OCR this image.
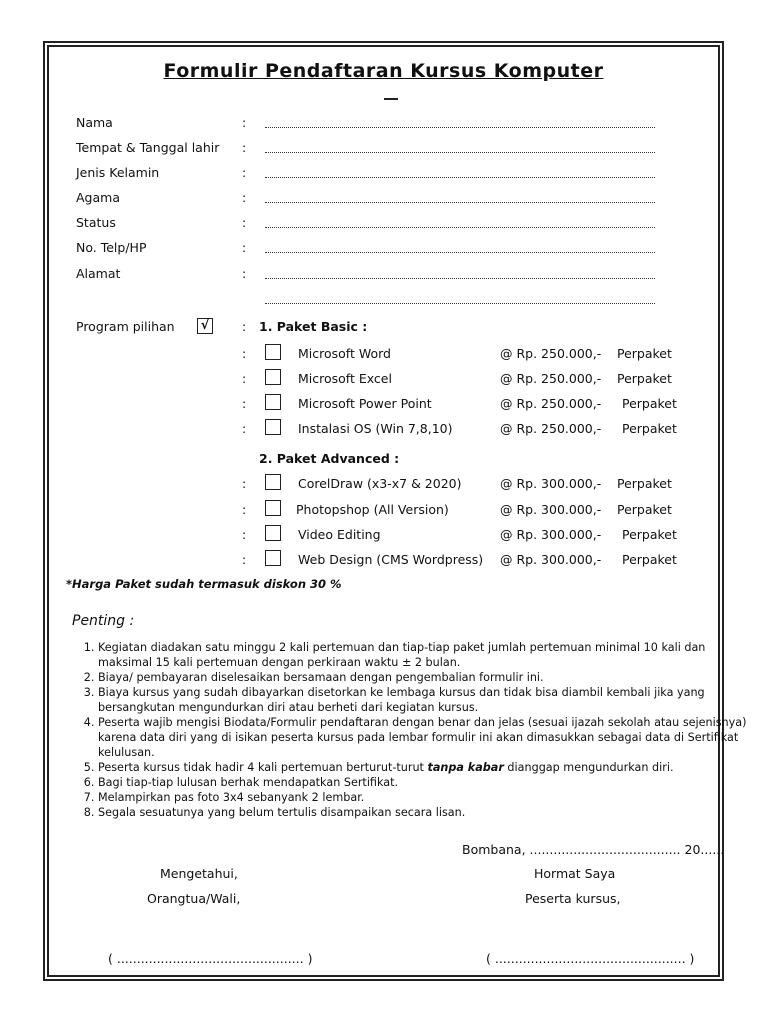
Formulir Pendaftaran Kursus Komputer
Nama	:
Tempat & Tanggal lahir :
Jenis Kelamin	:
Agama	:
Status	:
No. Telp/HP	:
Alamat	:
Program pilihan √	: 1. Paket Basic :
:	Microsoft Word	@ Rp. 250.000,- Perpaket
:	Microsoft Excel	@ Rp. 250.000,- Perpaket
:	Microsoft Power Point	@ Rp. 250.000,- Perpaket
:	Instalasi OS (Win 7,8,10)	@ Rp. 250.000,- Perpaket
2. Paket Advanced :
:	CorelDraw (x3-x7 & 2020)	@ Rp. 300.000,- Perpaket
:	Photopshop (All Version)	@ Rp. 300.000,- Perpaket
:	Video Editing	@ Rp. 300.000,- Perpaket
:	Web Design (CMS Wordpress) @ Rp. 300.000,- Perpaket
*Harga Paket sudah termasuk diskon 30 %
Penting :
1. Kegiatan diadakan satu minggu 2 kali pertemuan dan tiap-tiap paket jumlah pertemuan minimal 10 kali dan maksimal 15 kali pertemuan dengan perkiraan waktu ± 2 bulan.
2. Biaya/ pembayaran diselesaikan bersamaan dengan pengembalian formulir ini.
3. Biaya kursus yang sudah dibayarkan disetorkan ke lembaga kursus dan tidak bisa diambil kembali jika yang bersangkutan mengundurkan diri atau berheti dari kegiatan kursus.
4. Peserta wajib mengisi Biodata/Formulir pendaftaran dengan benar dan jelas (sesuai ijazah sekolah atau sejenisnya) karena data diri yang di isikan peserta kursus pada lembar formulir ini akan dimasukkan sebagai data di Sertifikat kelulusan.
5. Peserta kursus tidak hadir 4 kali pertemuan berturut-turut tanpa kabar dianggap mengundurkan diri.
6. Bagi tiap-tiap lulusan berhak mendapatkan Sertifikat.
7. Melampirkan pas foto 3x4 sebanyank 2 lembar.
8. Segala sesuatunya yang belum tertulis disampaikan secara lisan.
Bombana, ...................................... 20......
Mengetahui,
Orangtua/Wali,
Hormat Saya
Peserta kursus,
( ............................................... )	( ................................................ )
